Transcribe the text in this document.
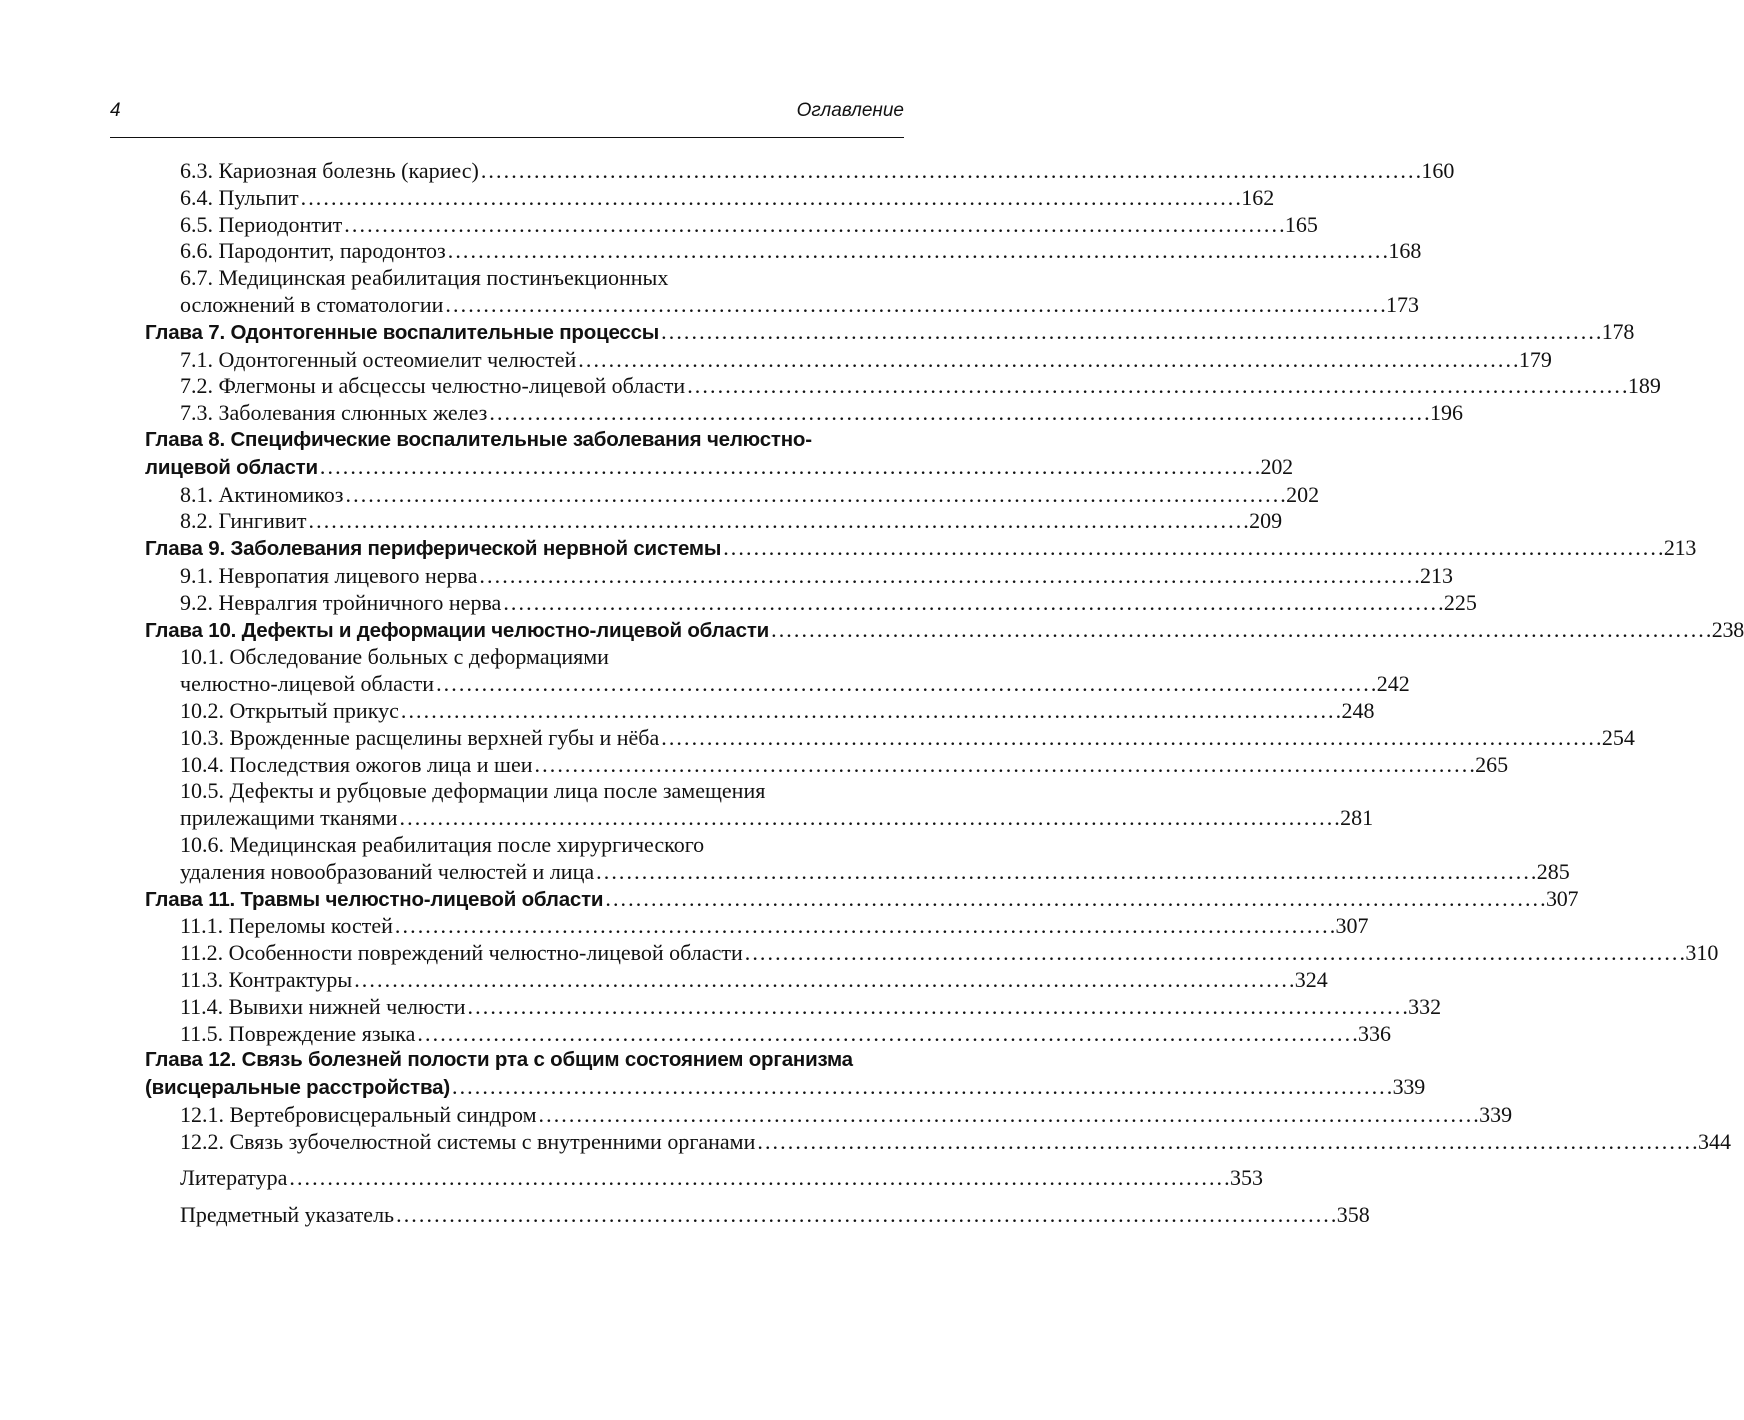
4	Оглавление
6.3. Кариозная болезнь (кариес) . . .	160
6.4. Пульпит . . .	162
6.5. Периодонтит . . .	165
6.6. Пародонтит, пародонтоз . . .	168
6.7. Медицинская реабилитация постинъекционных
осложнений в стоматологии . . .	173
Глава 7. Одонтогенные воспалительные процессы . . .	178
7.1. Одонтогенный остеомиелит челюстей . . .	179
7.2. Флегмоны и абсцессы челюстно-лицевой области . . .	189
7.3. Заболевания слюнных желез . . .	196
Глава 8. Специфические воспалительные заболевания челюстно-
лицевой области . . .	202
8.1. Актиномикоз . . .	202
8.2. Гингивит . . .	209
Глава 9. Заболевания периферической нервной системы . . .	213
9.1. Невропатия лицевого нерва . . .	213
9.2. Невралгия тройничного нерва . . .	225
Глава 10. Дефекты и деформации челюстно-лицевой области . . .	238
10.1. Обследование больных с деформациями
челюстно-лицевой области . . .	242
10.2. Открытый прикус . . .	248
10.3. Врожденные расщелины верхней губы и нёба . . .	254
10.4. Последствия ожогов лица и шеи . . .	265
10.5. Дефекты и рубцовые деформации лица после замещения
прилежащими тканями . . .	281
10.6. Медицинская реабилитация после хирургического
удаления новообразований челюстей и лица . . .	285
Глава 11. Травмы челюстно-лицевой области . . .	307
11.1. Переломы костей . . .	307
11.2. Особенности повреждений челюстно-лицевой области . . .	310
11.3. Контрактуры . . .	324
11.4. Вывихи нижней челюсти . . .	332
11.5. Повреждение языка . . .	336
Глава 12. Связь болезней полости рта с общим состоянием организма
(висцеральные расстройства) . . .	339
12.1. Вертебровисцеральный синдром . . .	339
12.2. Связь зубочелюстной системы с внутренними органами . . .	344
Литература . . .	353
Предметный указатель . . .	358
